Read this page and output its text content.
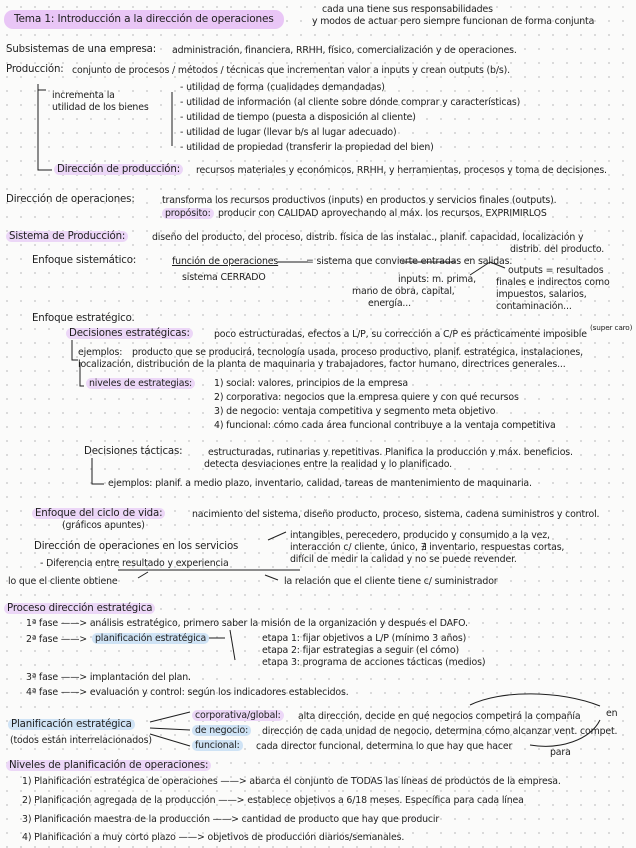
Tema 1: Introducción a la dirección de operaciones
cada una tiene sus responsabilidades
y modos de actuar pero siempre funcionan de forma conjunta
Subsistemas de una empresa: administración, financiera, RRHH, físico, comercialización y de operaciones.
Producción: conjunto de procesos / métodos / técnicas que incrementan valor a inputs y crean outputs (b/s).
incrementa la
utilidad de los bienes
- utilidad de forma (cualidades demandadas)
- utilidad de información (al cliente sobre dónde comprar y características)
- utilidad de tiempo (puesta a disposición al cliente)
- utilidad de lugar (llevar b/s al lugar adecuado)
- utilidad de propiedad (transferir la propiedad del bien)
Dirección de producción:	recursos materiales y económicos, RRHH, y herramientas, procesos y toma de decisiones.
Dirección de operaciones:	transforma los recursos productivos (inputs) en productos y servicios finales (outputs).
propósito: producir con CALIDAD aprovechando al máx. los recursos, EXPRIMIRLOS
Sistema de Producción:	diseño del producto, del proceso, distrib. física de las instalac., planif. capacidad, localización y
distrib. del producto.
Enfoque sistemático:	función de operaciones	= sistema que convierte entradas en salidas.
sistema CERRADO	inputs: m. prima,
mano de obra, capital,
energía...
outputs = resultados
finales e indirectos como
impuestos, salarios,
contaminación...
Enfoque estratégico.
Decisiones estratégicas:	poco estructuradas, efectos a L/P, su corrección a C/P es prácticamente imposible
(super caro)
ejemplos: producto que se producirá, tecnología usada, proceso productivo, planif. estratégica, instalaciones,
localización, distribución de la planta de maquinaria y trabajadores, factor humano, directrices generales...
niveles de estrategias:	1) social: valores, principios de la empresa
2) corporativa: negocios que la empresa quiere y con qué recursos
3) de negocio: ventaja competitiva y segmento meta objetivo
4) funcional: cómo cada área funcional contribuye a la ventaja competitiva
Decisiones tácticas:	estructuradas, rutinarias y repetitivas. Planifica la producción y máx. beneficios.
detecta desviaciones entre la realidad y lo planificado.
ejemplos: planif. a medio plazo, inventario, calidad, tareas de mantenimiento de maquinaria.
Enfoque del ciclo de vida:	nacimiento del sistema, diseño producto, proceso, sistema, cadena suministros y control.
(gráficos apuntes)
Dirección de operaciones en los servicios
intangibles, perecedero, producido y consumido a la vez,
interacción c/ cliente, único, ∄ inventario, respuestas cortas,
difícil de medir la calidad y no se puede revender.
- Diferencia entre resultado y experiencia
lo que el cliente obtiene	la relación que el cliente tiene c/ suministrador
Proceso dirección estratégica
1ª fase ——> análisis estratégico, primero saber la misión de la organización y después el DAFO.
2ª fase ——> planificación estratégica	etapa 1: fijar objetivos a L/P (mínimo 3 años)
etapa 2: fijar estrategias a seguir (el cómo)
etapa 3: programa de acciones tácticas (medios)
3ª fase ——> implantación del plan.
4ª fase ——> evaluación y control: según los indicadores establecidos.
Planificación estratégica
(todos están interrelacionados)
corporativa/global:	alta dirección, decide en qué negocios competirá la compañía	en
de negocio:	dirección de cada unidad de negocio, determina cómo alcanzar vent. compet.
funcional:	cada director funcional, determina lo que hay que hacer
para
Niveles de planificación de operaciones:
1) Planificación estratégica de operaciones ——> abarca el conjunto de TODAS las líneas de productos de la empresa.
2) Planificación agregada de la producción ——> establece objetivos a 6/18 meses. Específica para cada línea
3) Planificación maestra de la producción ——> cantidad de producto que hay que producir
4) Planificación a muy corto plazo ——> objetivos de producción diarios/semanales.
